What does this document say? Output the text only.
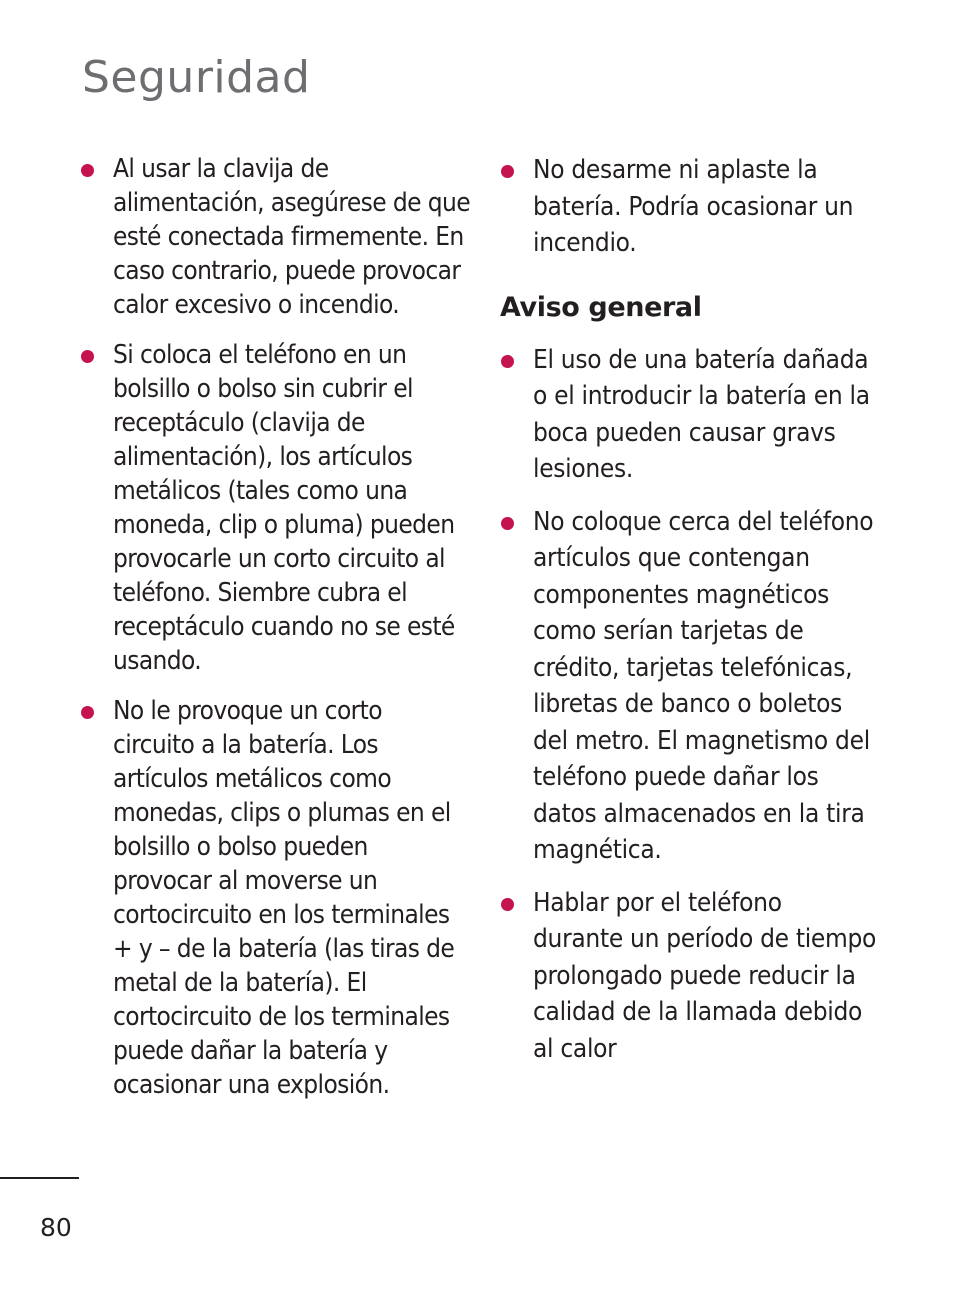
Seguridad
Al usar la clavija de alimentación, asegúrese de que esté conectada firmemente. En caso contrario, puede provocar calor excesivo o incendio.
Si coloca el teléfono en un bolsillo o bolso sin cubrir el receptáculo (clavija de alimentación), los artículos metálicos (tales como una moneda, clip o pluma) pueden provocarle un corto circuito al teléfono. Siembre cubra el receptáculo cuando no se esté usando.
No le provoque un corto circuito a la batería. Los artículos metálicos como monedas, clips o plumas en el bolsillo o bolso pueden provocar al moverse un cortocircuito en los terminales + y – de la batería (las tiras de metal de la batería). El cortocircuito de los terminales puede dañar la batería y ocasionar una explosión.
No desarme ni aplaste la batería. Podría ocasionar un incendio.
Aviso general
El uso de una batería dañada o el introducir la batería en la boca pueden causar gravs lesiones.
No coloque cerca del teléfono artículos que contengan componentes magnéticos como serían tarjetas de crédito, tarjetas telefónicas, libretas de banco o boletos del metro. El magnetismo del teléfono puede dañar los datos almacenados en la tira magnética.
Hablar por el teléfono durante un período de tiempo prolongado puede reducir la calidad de la llamada debido al calor
80
